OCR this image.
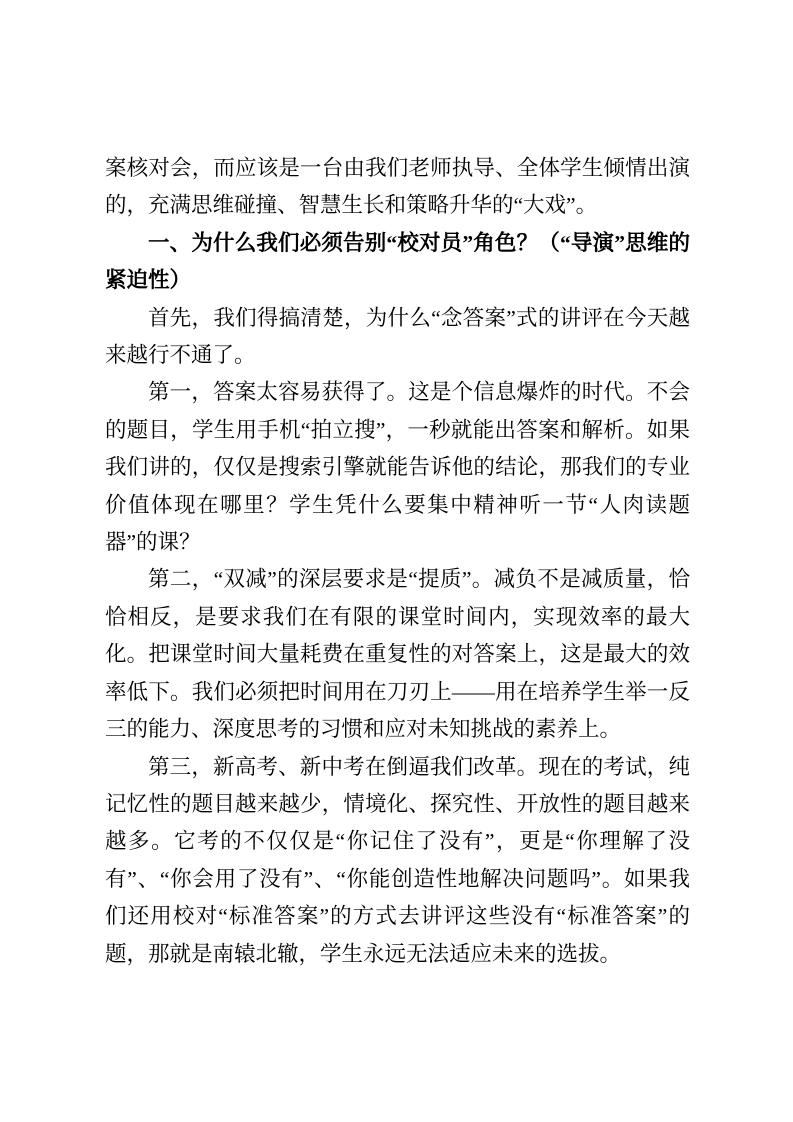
案核对会，而应该是一台由我们老师执导、全体学生倾情出演的，充满思维碰撞、智慧生长和策略升华的“大戏”。

一、为什么我们必须告别“校对员”角色？（“导演”思维的紧迫性）

首先，我们得搞清楚，为什么“念答案”式的讲评在今天越来越行不通了。

第一，答案太容易获得了。这是个信息爆炸的时代。不会的题目，学生用手机“拍立搜”，一秒就能出答案和解析。如果我们讲的，仅仅是搜索引擎就能告诉他的结论，那我们的专业价值体现在哪里？学生凭什么要集中精神听一节“人肉读题器”的课？

第二，“双减”的深层要求是“提质”。减负不是减质量，恰恰相反，是要求我们在有限的课堂时间内，实现效率的最大化。把课堂时间大量耗费在重复性的对答案上，这是最大的效率低下。我们必须把时间用在刀刃上——用在培养学生举一反三的能力、深度思考的习惯和应对未知挑战的素养上。

第三，新高考、新中考在倒逼我们改革。现在的考试，纯记忆性的题目越来越少，情境化、探究性、开放性的题目越来越多。它考的不仅仅是“你记住了没有”，更是“你理解了没有”、“你会用了没有”、“你能创造性地解决问题吗”。如果我们还用校对“标准答案”的方式去讲评这些没有“标准答案”的题，那就是南辕北辙，学生永远无法适应未来的选拔。
